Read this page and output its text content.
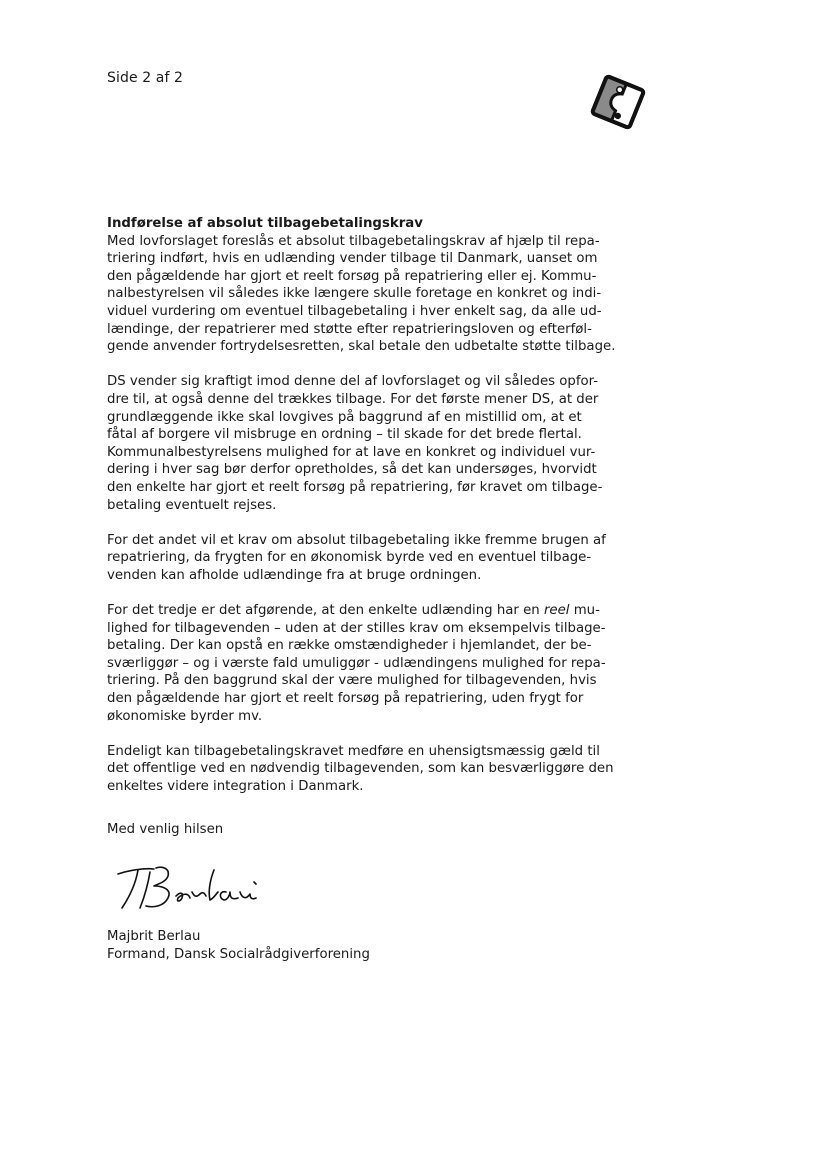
Side 2 af 2

Indførelse af absolut tilbagebetalingskrav
Med lovforslaget foreslås et absolut tilbagebetalingskrav af hjælp til repa-
triering indført, hvis en udlænding vender tilbage til Danmark, uanset om
den pågældende har gjort et reelt forsøg på repatriering eller ej. Kommu-
nalbestyrelsen vil således ikke længere skulle foretage en konkret og indi-
viduel vurdering om eventuel tilbagebetaling i hver enkelt sag, da alle ud-
lændinge, der repatrierer med støtte efter repatrieringsloven og efterføl-
gende anvender fortrydelsesretten, skal betale den udbetalte støtte tilbage.

DS vender sig kraftigt imod denne del af lovforslaget og vil således opfor-
dre til, at også denne del trækkes tilbage. For det første mener DS, at der
grundlæggende ikke skal lovgives på baggrund af en mistillid om, at et
fåtal af borgere vil misbruge en ordning – til skade for det brede flertal.
Kommunalbestyrelsens mulighed for at lave en konkret og individuel vur-
dering i hver sag bør derfor opretholdes, så det kan undersøges, hvorvidt
den enkelte har gjort et reelt forsøg på repatriering, før kravet om tilbage-
betaling eventuelt rejses.

For det andet vil et krav om absolut tilbagebetaling ikke fremme brugen af
repatriering, da frygten for en økonomisk byrde ved en eventuel tilbage-
venden kan afholde udlændinge fra at bruge ordningen.

For det tredje er det afgørende, at den enkelte udlænding har en reel mu-
lighed for tilbagevenden – uden at der stilles krav om eksempelvis tilbage-
betaling. Der kan opstå en række omstændigheder i hjemlandet, der be-
sværliggør – og i værste fald umuliggør - udlændingens mulighed for repa-
triering. På den baggrund skal der være mulighed for tilbagevenden, hvis
den pågældende har gjort et reelt forsøg på repatriering, uden frygt for
økonomiske byrder mv.

Endeligt kan tilbagebetalingskravet medføre en uhensigtsmæssig gæld til
det offentlige ved en nødvendig tilbagevenden, som kan besværliggøre den
enkeltes videre integration i Danmark.

Med venlig hilsen
Majbrit Berlau
Formand, Dansk Socialrådgiverforening
